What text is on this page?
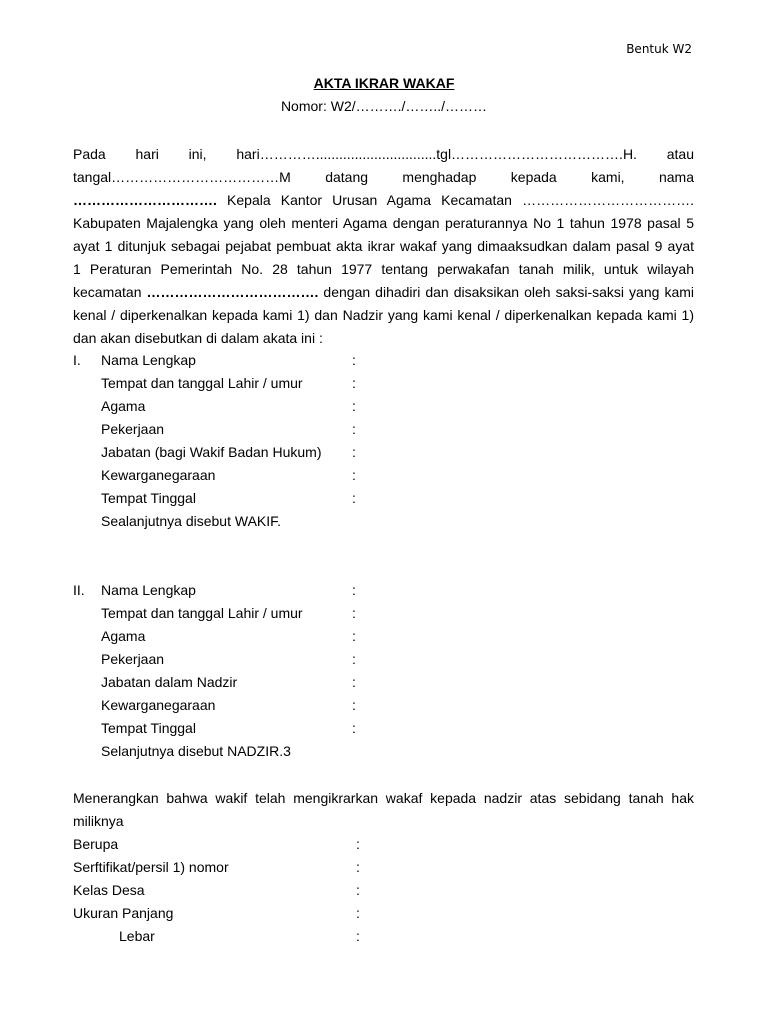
Bentuk W2
AKTA IKRAR WAKAF
Nomor: W2/………./……../………
Pada hari ini, hari…………...............................tgl……………………………….H. atau
tangal………………………………M datang menghadap kepada kami, nama
…………………………. Kepala Kantor Urusan Agama Kecamatan ……………………………….
Kabupaten Majalengka yang oleh menteri Agama dengan peraturannya No 1 tahun 1978 pasal 5
ayat 1 ditunjuk sebagai pejabat pembuat akta ikrar wakaf yang dimaaksudkan dalam pasal 9 ayat
1 Peraturan Pemerintah No. 28 tahun 1977 tentang perwakafan tanah milik, untuk wilayah
kecamatan ………………………………. dengan dihadiri dan disaksikan oleh saksi-saksi yang kami
kenal / diperkenalkan kepada kami 1) dan Nadzir yang kami kenal / diperkenalkan kepada kami 1)
dan akan disebutkan di dalam akata ini :
I. Nama Lengkap	:
Tempat dan tanggal Lahir / umur	:
Agama	:
Pekerjaan	:
Jabatan (bagi Wakif Badan Hukum) :
Kewarganegaraan	:
Tempat Tinggal	:
Sealanjutnya disebut WAKIF.
II. Nama Lengkap	:
Tempat dan tanggal Lahir / umur	:
Agama	:
Pekerjaan	:
Jabatan dalam Nadzir	:
Kewarganegaraan	:
Tempat Tinggal	:
Selanjutnya disebut NADZIR.3
Menerangkan bahwa wakif telah mengikrarkan wakaf kepada nadzir atas sebidang tanah hak
miliknya
Berupa	:
Serftifikat/persil 1) nomor	:
Kelas Desa	:
Ukuran Panjang	:
Lebar	:
